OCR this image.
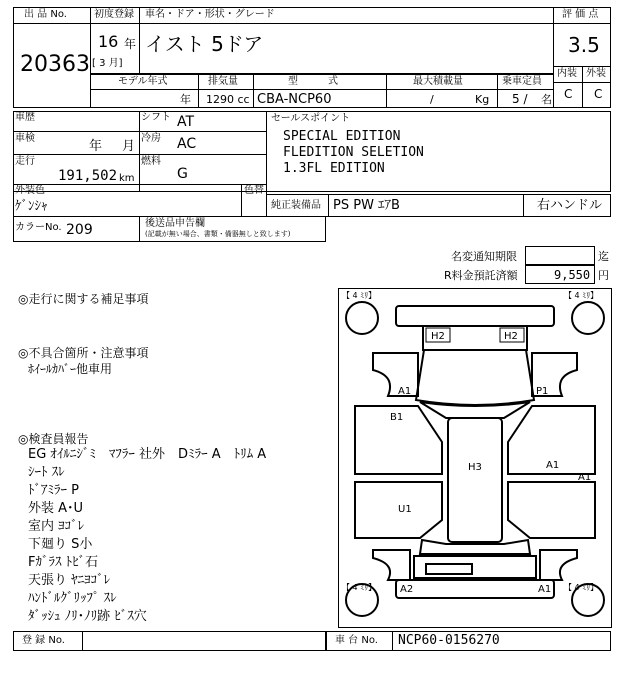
出 品 No.
20363
初度登録 車名・ドア・形状・グレード
16 年
[ 3 月]
イスト 5ドア
評 価 点
3.5
内装 外装
C C
モデル年式	排気量	型　　　式	最大積載量	乗車定員
年 1290 cc CBA-NCP60	/	Kg 5 / 名
車歴
車検
年 月
走行
191,502 km
シフト AT
冷房 AC
燃料
G
セールスポイント
SPECIAL EDITION
FLEDITION SELETION
1.3FL EDITION
外装色
ｹﾞﾝｼｬ
色替
純正装備品 PS PW ｴｱB	右ハンドル
カラーNo. 209	後送品申告欄
(記載が無い場合、書類・備器無しと致します)
名変通知期限	迄
R料金預託済額	9,550 円
◎走行に関する補足事項
◎不具合箇所・注意事項
ﾎｲｰﾙｶﾊﾞｰ他車用
◎検査員報告
EG ｵｲﾙﾆｼﾞﾐ　ﾏﾌﾗｰ 社外　Dﾐﾗｰ A　ﾄﾘﾑ A
ｼｰﾄ ｽﾚ
ﾄﾞｱﾐﾗｰ P
外装 A･U
室内 ﾖｺﾞﾚ
下廻り S小
Fｶﾞﾗｽ ﾄﾋﾞ石
天張り ﾔﾆﾖｺﾞﾚ
ﾊﾝﾄﾞﾙｸﾞﾘｯﾌﾟ ｽﾚ
ﾀﾞｯｼｭ ﾉﾘ･ﾉﾘ跡 ﾋﾞｽ穴
【 4 ﾐﾘ】	【 4 ﾐﾘ】
【 4 ﾐﾘ】	【 4 ﾐﾘ】
H2	H2
A1	P1
B1
H3	A1
A1
U1
A2	A1
登 録 No.	車 台 No. NCP60-0156270
